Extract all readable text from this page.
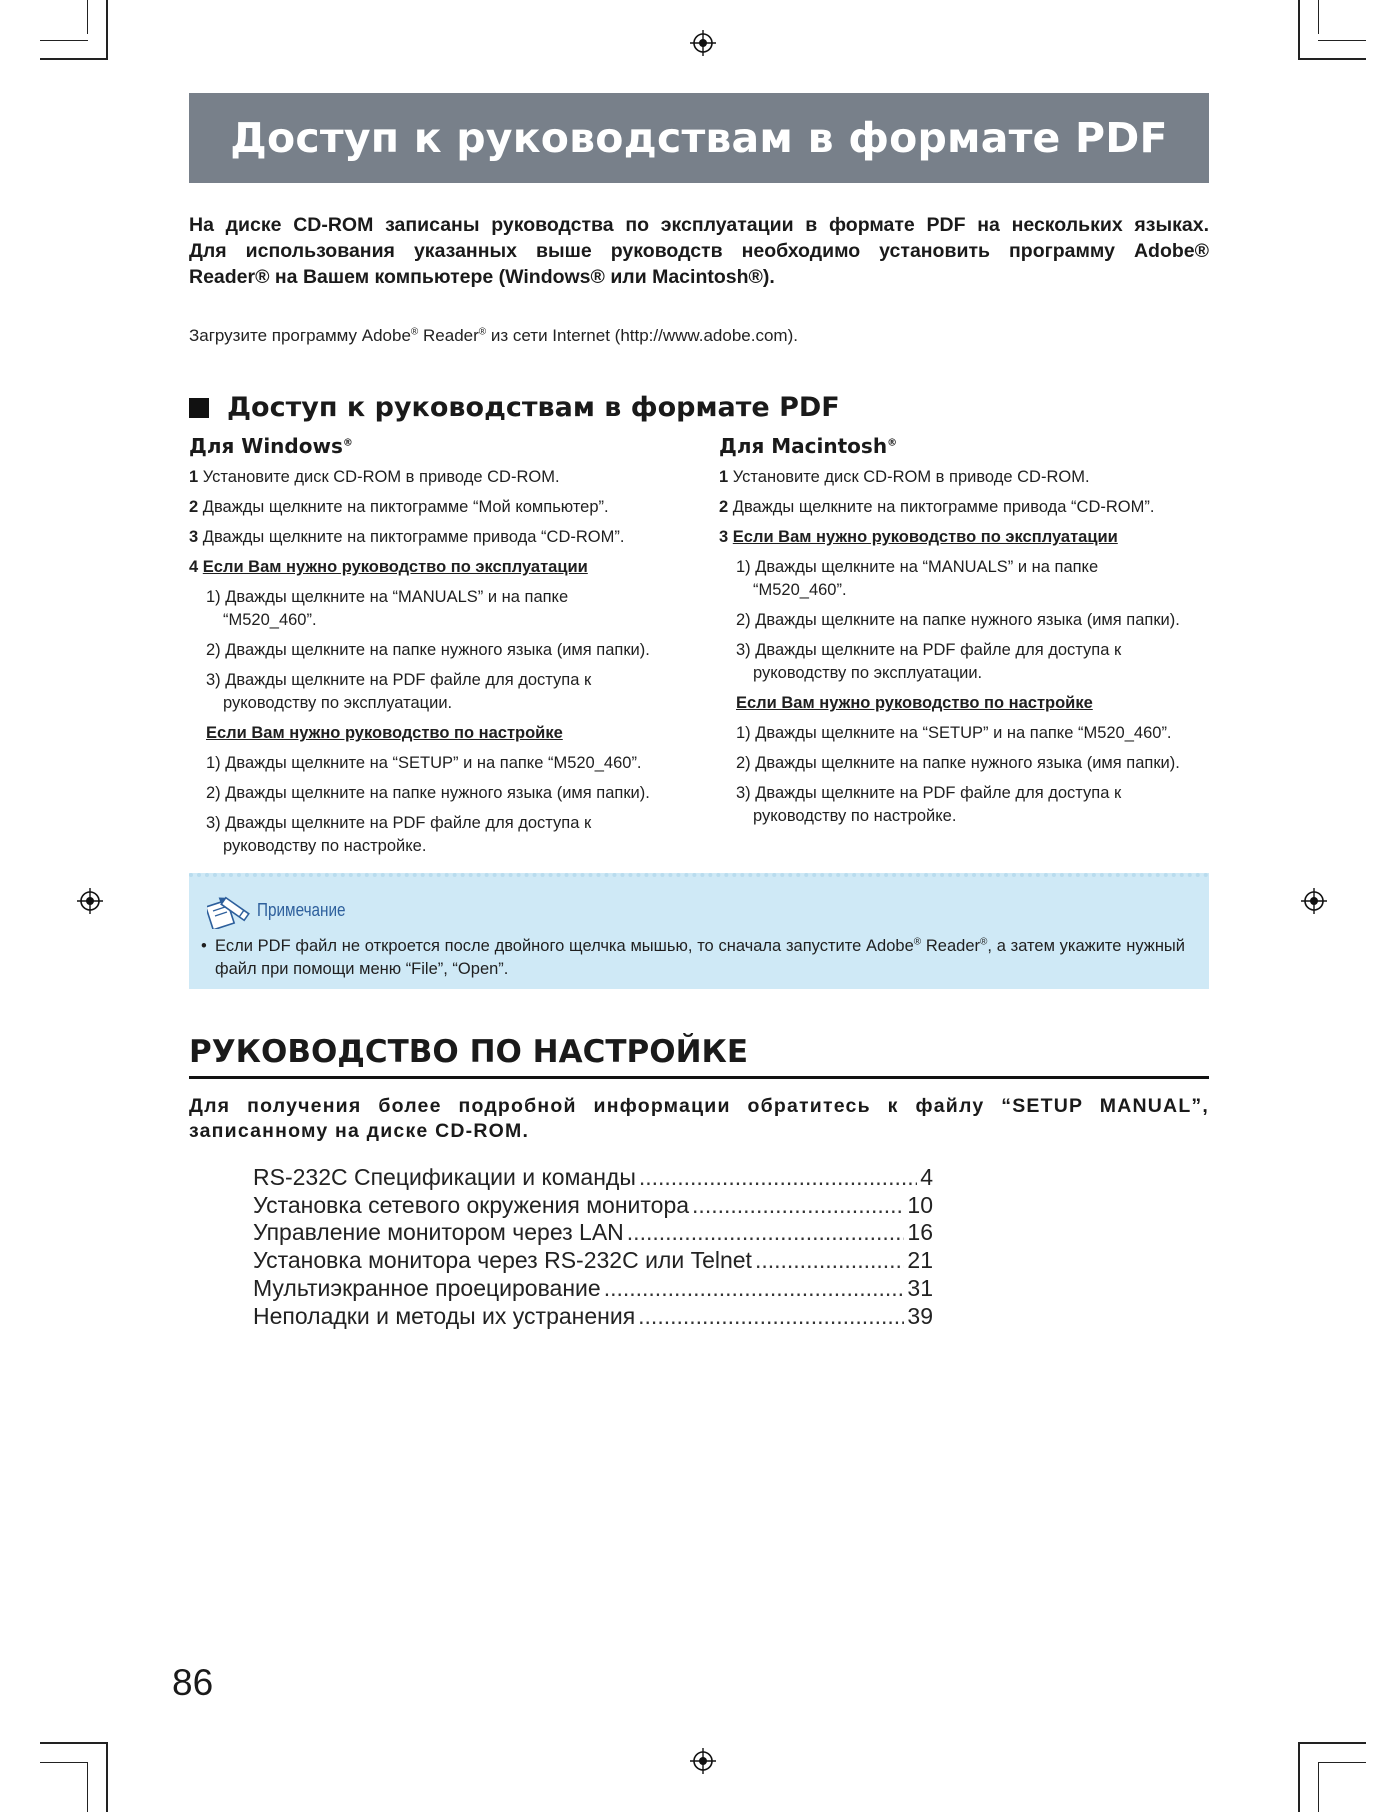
Доступ к руководствам в формате PDF
На диске CD-ROM записаны руководства по эксплуатации в формате PDF на нескольких языках.
Для использования указанных выше руководств необходимо установить программу Adobe®
Reader® на Вашем компьютере (Windows® или Macintosh®).
Загрузите программу Adobe® Reader® из сети Internet (http://www.adobe.com).
Доступ к руководствам в формате PDF
Для Windows®
1 Установите диск CD-ROM в приводе CD-ROM.
2 Дважды щелкните на пиктограмме “Мой компьютер”.
3 Дважды щелкните на пиктограмме привода “CD-ROM”.
4 Если Вам нужно руководство по эксплуатации
1) Дважды щелкните на “MANUALS” и на папке
“M520_460”.
2) Дважды щелкните на папке нужного языка (имя папки).
3) Дважды щелкните на PDF файле для доступа к
руководству по эксплуатации.
Если Вам нужно руководство по настройке
1) Дважды щелкните на “SETUP” и на папке “M520_460”.
2) Дважды щелкните на папке нужного языка (имя папки).
3) Дважды щелкните на PDF файле для доступа к
руководству по настройке.
Для Macintosh®
1 Установите диск CD-ROM в приводе CD-ROM.
2 Дважды щелкните на пиктограмме привода “CD-ROM”.
3 Если Вам нужно руководство по эксплуатации
1) Дважды щелкните на “MANUALS” и на папке
“M520_460”.
2) Дважды щелкните на папке нужного языка (имя папки).
3) Дважды щелкните на PDF файле для доступа к
руководству по эксплуатации.
Если Вам нужно руководство по настройке
1) Дважды щелкните на “SETUP” и на папке “M520_460”.
2) Дважды щелкните на папке нужного языка (имя папки).
3) Дважды щелкните на PDF файле для доступа к
руководству по настройке.
Примечание
• Если PDF файл не откроется после двойного щелчка мышью, то сначала запустите Adobe® Reader®, а затем укажите нужный файл при помощи меню “File”, “Open”.
РУКОВОДСТВО ПО НАСТРОЙКЕ
Для получения более подробной информации обратитесь к файлу “SETUP MANUAL”,
записанному на диске CD-ROM.
RS-232C Спецификации и команды .....	4
Установка сетевого окружения монитора .....	10
Управление монитором через LAN .....	16
Установка монитора через RS-232C или Telnet .....	21
Мультиэкранное проецирование .....	31
Неполадки и методы их устранения .....	39
86
